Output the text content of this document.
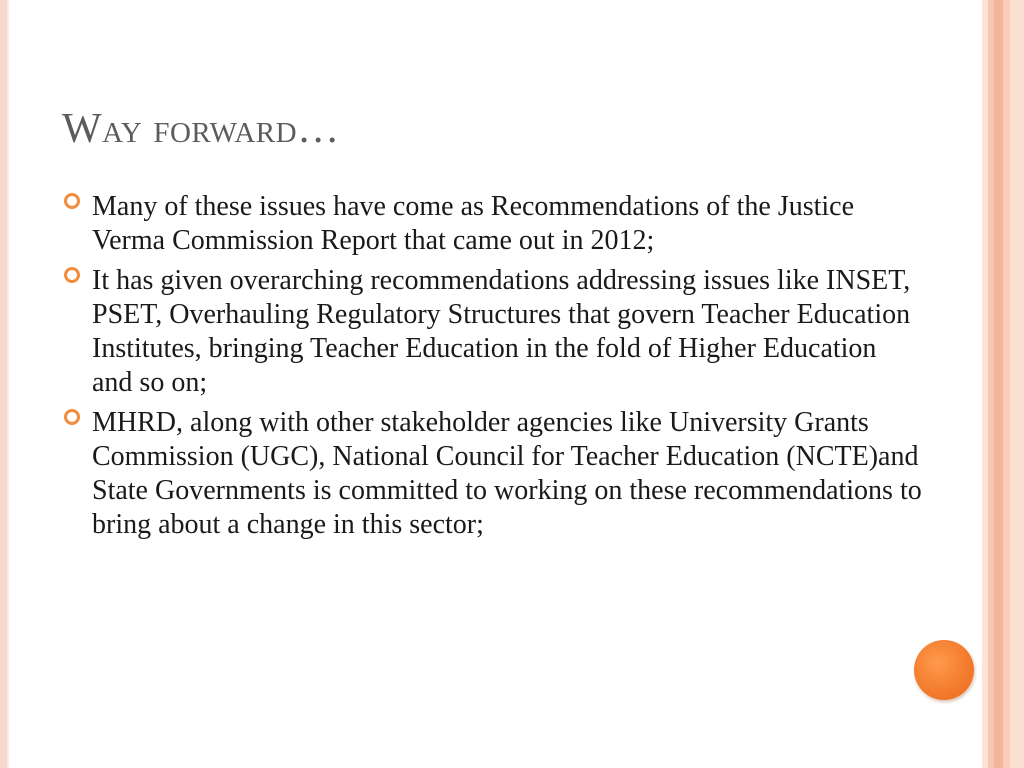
Way forward…
Many of these issues have come as Recommendations of the Justice Verma Commission Report that came out in 2012;
It has given overarching recommendations addressing issues like INSET, PSET, Overhauling Regulatory Structures that govern Teacher Education Institutes, bringing Teacher Education in the fold of Higher Education and so on;
MHRD, along with other stakeholder agencies like University Grants Commission (UGC), National Council for Teacher Education (NCTE)and State Governments is committed to working on these recommendations to bring about a change in this sector;
